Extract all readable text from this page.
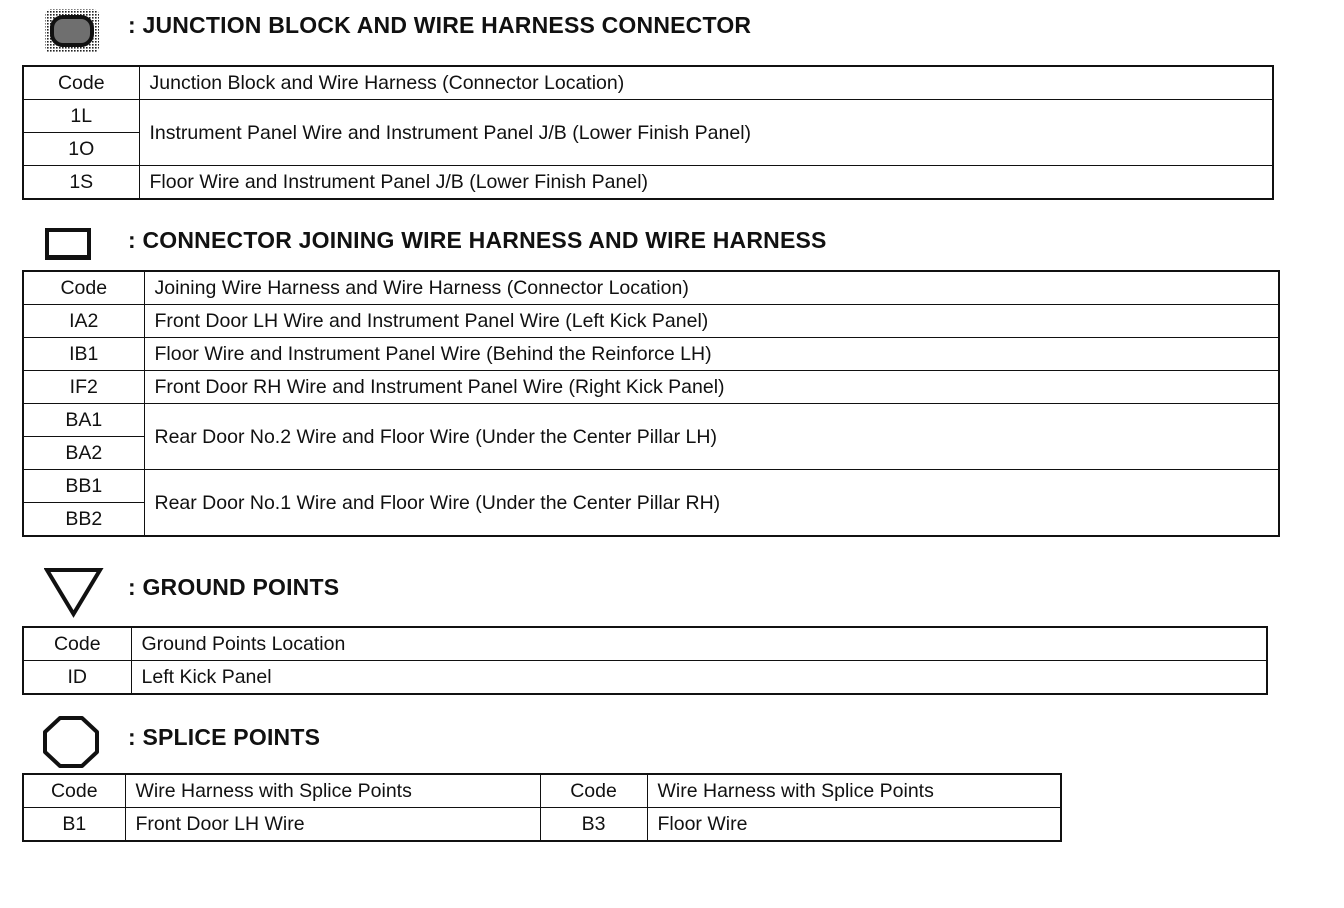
: JUNCTION BLOCK AND WIRE HARNESS CONNECTOR
Code	Junction Block and Wire Harness (Connector Location)
1L	Instrument Panel Wire and Instrument Panel J/B (Lower Finish Panel)
1O	
1S	Floor Wire and Instrument Panel J/B (Lower Finish Panel)
: CONNECTOR JOINING WIRE HARNESS AND WIRE HARNESS
Code	Joining Wire Harness and Wire Harness (Connector Location)
IA2	Front Door LH Wire and Instrument Panel Wire (Left Kick Panel)
IB1	Floor Wire and Instrument Panel Wire (Behind the Reinforce LH)
IF2	Front Door RH Wire and Instrument Panel Wire (Right Kick Panel)
BA1	Rear Door No.2 Wire and Floor Wire (Under the Center Pillar LH)
BA2	
BB1	Rear Door No.1 Wire and Floor Wire (Under the Center Pillar RH)
BB2	
: GROUND POINTS
Code	Ground Points Location
ID	Left Kick Panel
: SPLICE POINTS
Code	Wire Harness with Splice Points	Code	Wire Harness with Splice Points
B1	Front Door LH Wire	B3	Floor Wire
